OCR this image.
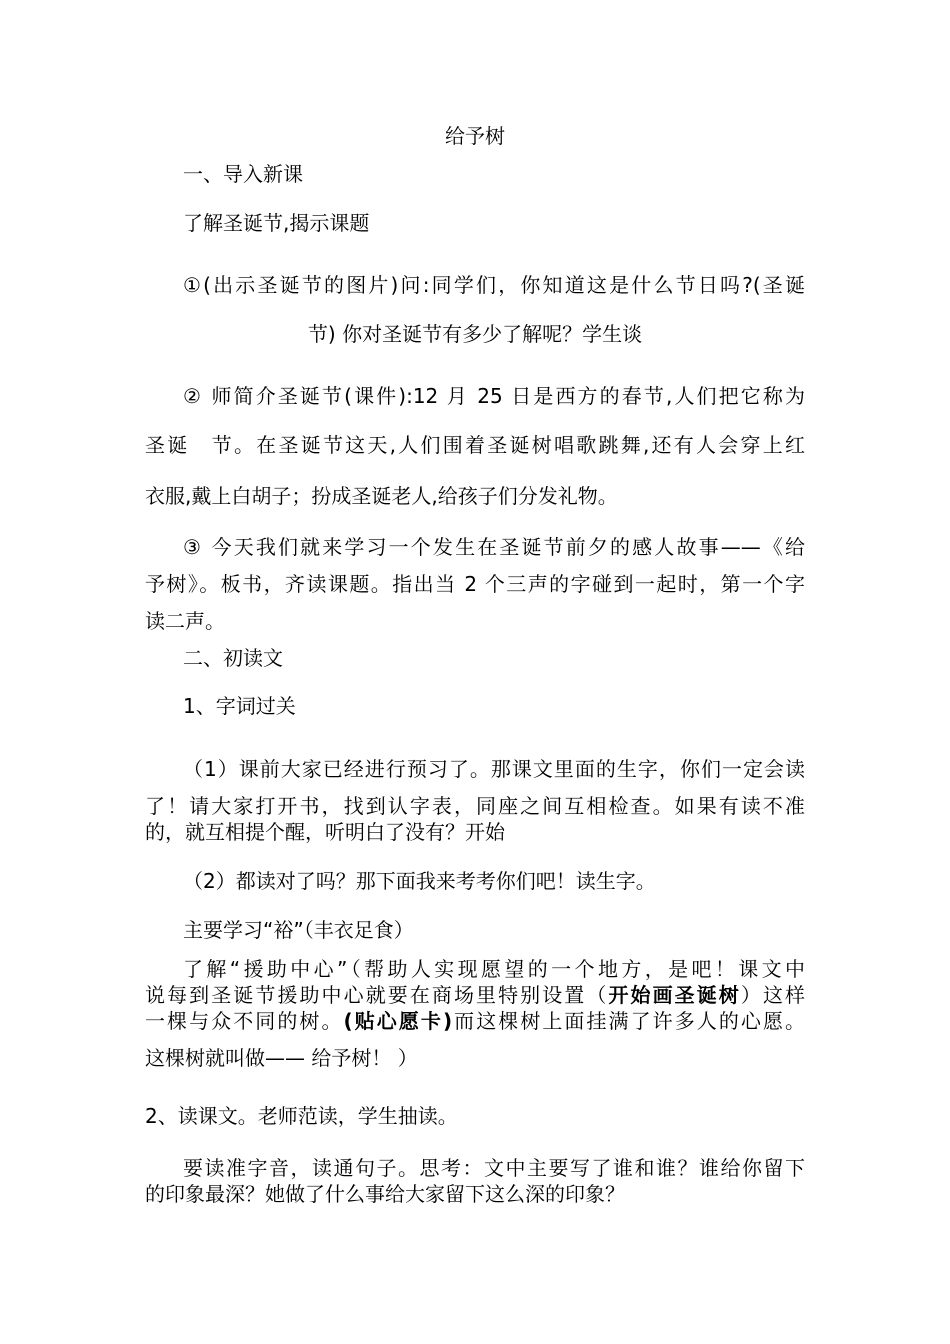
给予树
一、导入新课
了解圣诞节,揭示课题
①(出示圣诞节的图片)问:同学们，你知道这是什么节日吗?(圣诞
节) 你对圣诞节有多少了解呢？学生谈
② 师简介圣诞节(课件):12 月 25 日是西方的春节,人们把它称为
圣诞　节。在圣诞节这天,人们围着圣诞树唱歌跳舞,还有人会穿上红
衣服,戴上白胡子；扮成圣诞老人,给孩子们分发礼物。
③ 今天我们就来学习一个发生在圣诞节前夕的感人故事——《给
予树》。板书，齐读课题。指出当 2 个三声的字碰到一起时，第一个字
读二声。
二、初读文
1、字词过关
（1）课前大家已经进行预习了。那课文里面的生字，你们一定会读
了！请大家打开书，找到认字表，同座之间互相检查。如果有读不准
的，就互相提个醒，听明白了没有？开始
（2）都读对了吗？那下面我来考考你们吧！读生字。
主要学习“裕”（丰衣足食）
了解“援助中心”（帮助人实现愿望的一个地方，是吧！课文中
说每到圣诞节援助中心就要在商场里特别设置（开始画圣诞树）这样
一棵与众不同的树。(贴心愿卡)而这棵树上面挂满了许多人的心愿。
这棵树就叫做—— 给予树！ ）
2、读课文。老师范读，学生抽读。
要读准字音，读通句子。思考：文中主要写了谁和谁？谁给你留下
的印象最深？她做了什么事给大家留下这么深的印象？
